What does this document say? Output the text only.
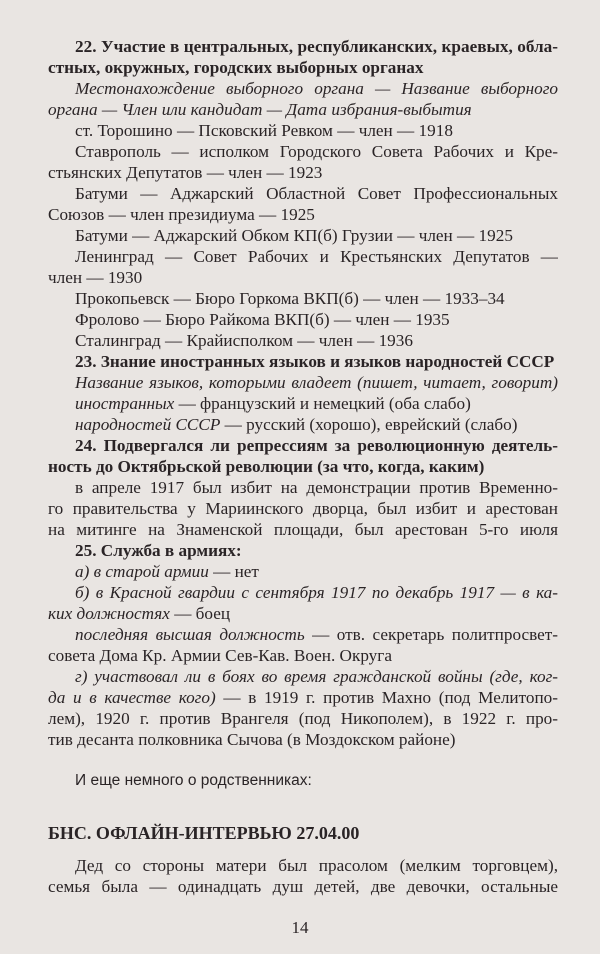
22. Участие в центральных, республиканских, краевых, обла-
стных, окружных, городских выборных органах
Местонахождение выборного органа — Название выборного
органа — Член или кандидат — Дата избрания-выбытия
ст. Торошино — Псковский Ревком — член — 1918
Ставрополь — исполком Городского Совета Рабочих и Кре-
стьянских Депутатов — член — 1923
Батуми — Аджарский Областной Совет Профессиональных
Союзов — член президиума — 1925
Батуми — Аджарский Обком КП(б) Грузии — член — 1925
Ленинград — Совет Рабочих и Крестьянских Депутатов —
член — 1930
Прокопьевск — Бюро Горкома ВКП(б) — член — 1933–34
Фролово — Бюро Райкома ВКП(б) — член — 1935
Сталинград — Крайисполком — член — 1936
23. Знание иностранных языков и языков народностей СССР
Название языков, которыми владеет (пишет, читает, говорит)
иностранных — французский и немецкий (оба слабо)
народностей СССР — русский (хорошо), еврейский (слабо)
24. Подвергался ли репрессиям за революционную деятель-
ность до Октябрьской революции (за что, когда, каким)
в апреле 1917 был избит на демонстрации против Временно-
го правительства у Мариинского дворца, был избит и арестован
на митинге на Знаменской площади, был арестован 5-го июля
25. Служба в армиях:
а) в старой армии — нет
б) в Красной гвардии с сентября 1917 по декабрь 1917 — в ка-
ких должностях — боец
последняя высшая должность — отв. секретарь политпросвет-
совета Дома Кр. Армии Сев-Кав. Воен. Округа
г) участвовал ли в боях во время гражданской войны (где, ког-
да и в качестве кого) — в 1919 г. против Махно (под Мелитопо-
лем), 1920 г. против Врангеля (под Никополем), в 1922 г. про-
тив десанта полковника Сычова (в Моздокском районе)
И еще немного о родственниках:
БНС. ОФЛАЙН-ИНТЕРВЬЮ 27.04.00
Дед со стороны матери был прасолом (мелким торговцем),
семья была — одинадцать душ детей, две девочки, остальные
14
